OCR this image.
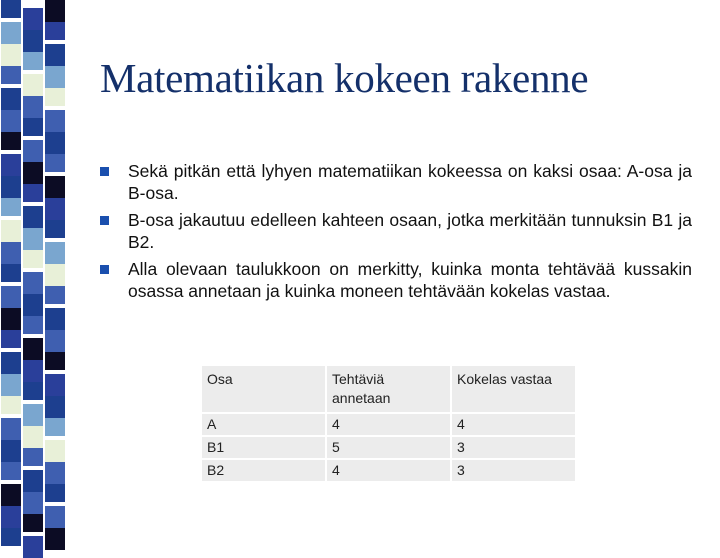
Matematiikan kokeen rakenne
Sekä pitkän että lyhyen matematiikan kokeessa on kaksi osaa: A-osa ja B-osa.
B-osa jakautuu edelleen kahteen osaan, jotka merkitään tunnuksin B1 ja B2.
Alla olevaan taulukkoon on merkitty, kuinka monta tehtävää kussakin osassa annetaan ja kuinka moneen tehtävään kokelas vastaa.
Osa	Tehtäviä annetaan	Kokelas vastaa
A	4	4
B1	5	3
B2	4	3
